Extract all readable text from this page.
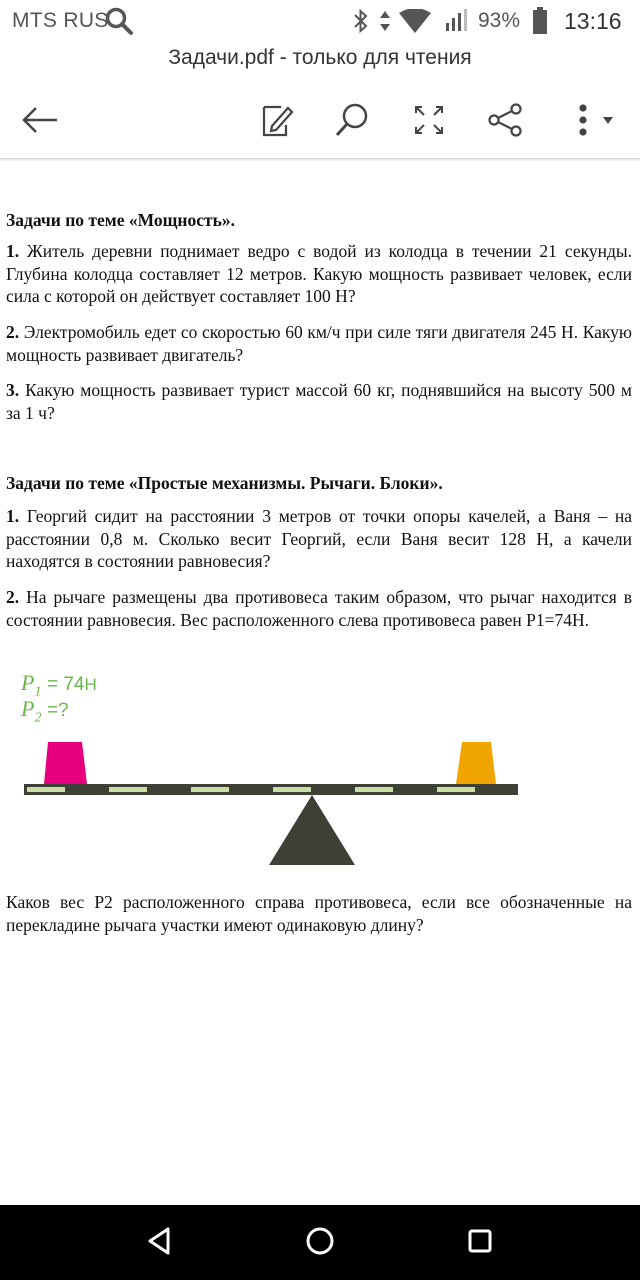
MTS RUS	93% 13:16
Задачи.pdf - только для чтения
Задачи по теме «Мощность».
1. Житель деревни поднимает ведро с водой из колодца в течении 21 секунды. Глубина колодца составляет 12 метров. Какую мощность развивает человек, если сила с которой он действует составляет 100 Н?
2. Электромобиль едет со скоростью 60 км/ч при силе тяги двигателя 245 Н. Какую мощность развивает двигатель?
3. Какую мощность развивает турист массой 60 кг, поднявшийся на высоту 500 м за 1 ч?
Задачи по теме «Простые механизмы. Рычаги. Блоки».
1. Георгий сидит на расстоянии 3 метров от точки опоры качелей, а Ваня – на расстоянии 0,8 м. Сколько весит Георгий, если Ваня весит 128 Н, а качели находятся в состоянии равновесия?
2. На рычаге размещены два противовеса таким образом, что рычаг находится в состоянии равновесия. Вес расположенного слева противовеса равен Р1=74Н.
$P_1 = 74Н$
$P_2$ =?
Каков вес Р2 расположенного справа противовеса, если все обозначенные на перекладине рычага участки имеют одинаковую длину?
